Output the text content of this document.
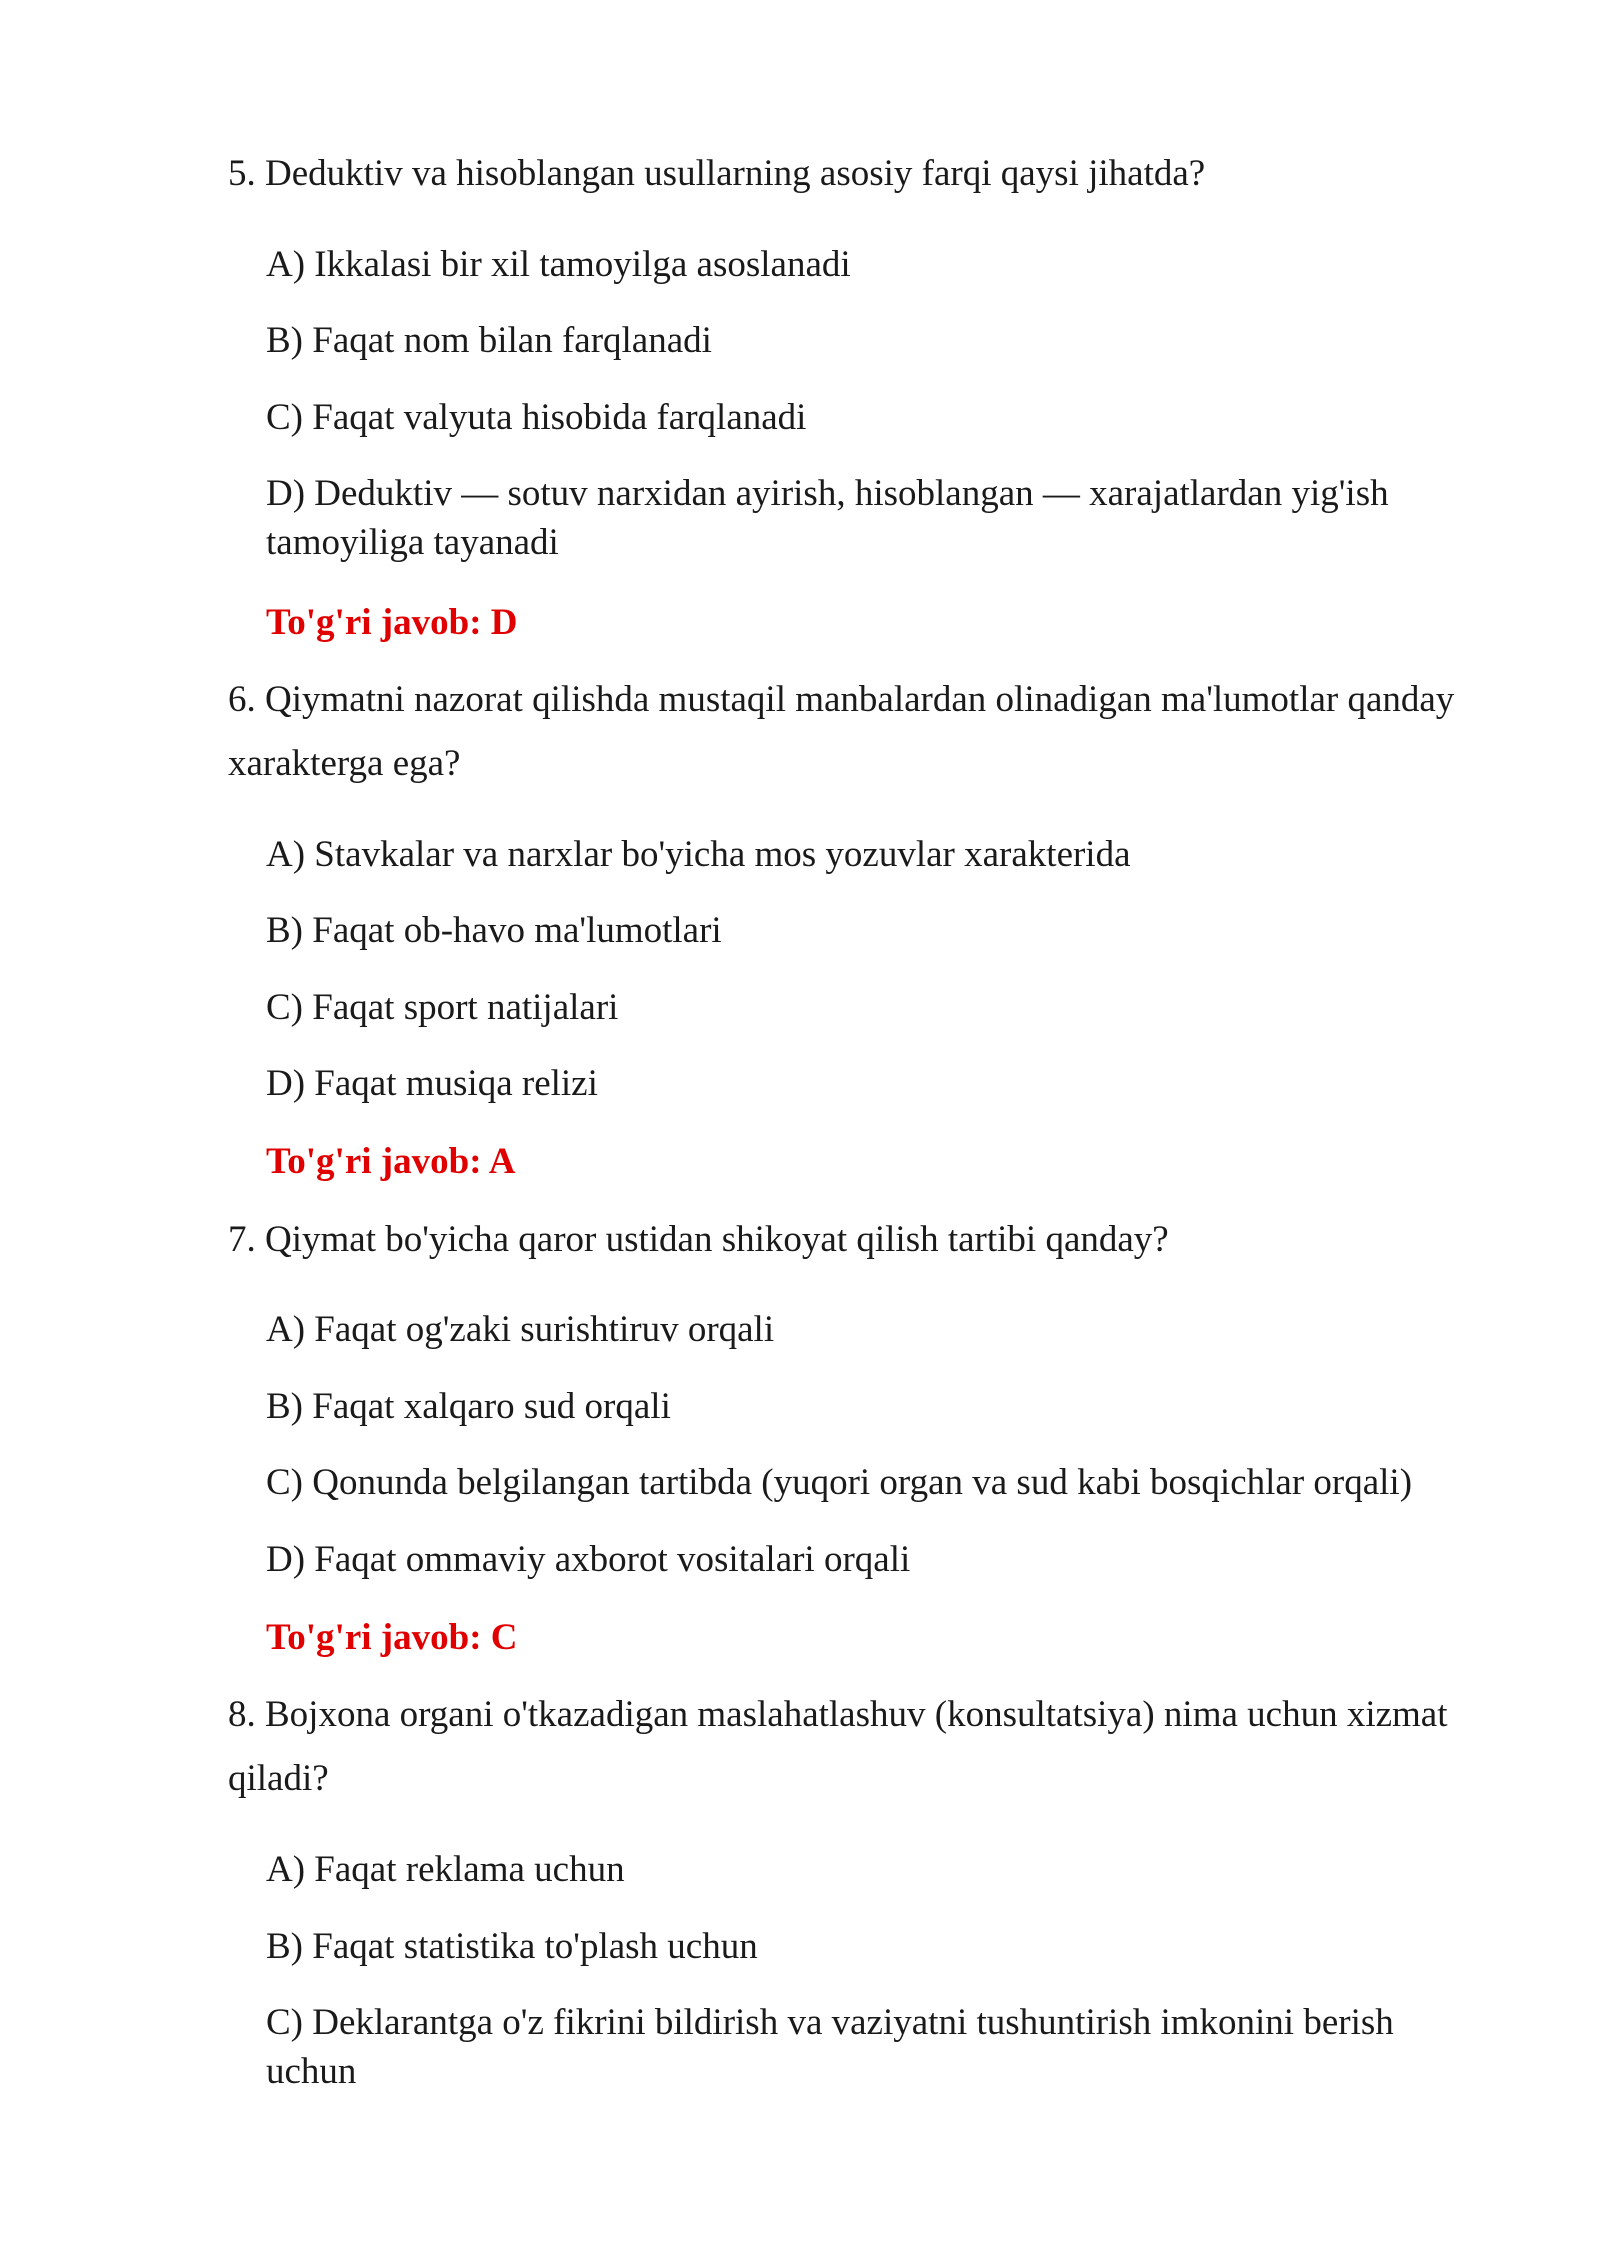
5. Deduktiv va hisoblangan usullarning asosiy farqi qaysi jihatda?

A) Ikkalasi bir xil tamoyilga asoslanadi

B) Faqat nom bilan farqlanadi

C) Faqat valyuta hisobida farqlanadi

D) Deduktiv — sotuv narxidan ayirish, hisoblangan — xarajatlardan yig'ish tamoyiliga tayanadi

To'g'ri javob: D

6. Qiymatni nazorat qilishda mustaqil manbalardan olinadigan ma'lumotlar qanday xarakterga ega?

A) Stavkalar va narxlar bo'yicha mos yozuvlar xarakterida

B) Faqat ob-havo ma'lumotlari

C) Faqat sport natijalari

D) Faqat musiqa relizi

To'g'ri javob: A

7. Qiymat bo'yicha qaror ustidan shikoyat qilish tartibi qanday?

A) Faqat og'zaki surishtiruv orqali

B) Faqat xalqaro sud orqali

C) Qonunda belgilangan tartibda (yuqori organ va sud kabi bosqichlar orqali)

D) Faqat ommaviy axborot vositalari orqali

To'g'ri javob: C

8. Bojxona organi o'tkazadigan maslahatlashuv (konsultatsiya) nima uchun xizmat qiladi?

A) Faqat reklama uchun

B) Faqat statistika to'plash uchun

C) Deklarantga o'z fikrini bildirish va vaziyatni tushuntirish imkonini berish uchun
